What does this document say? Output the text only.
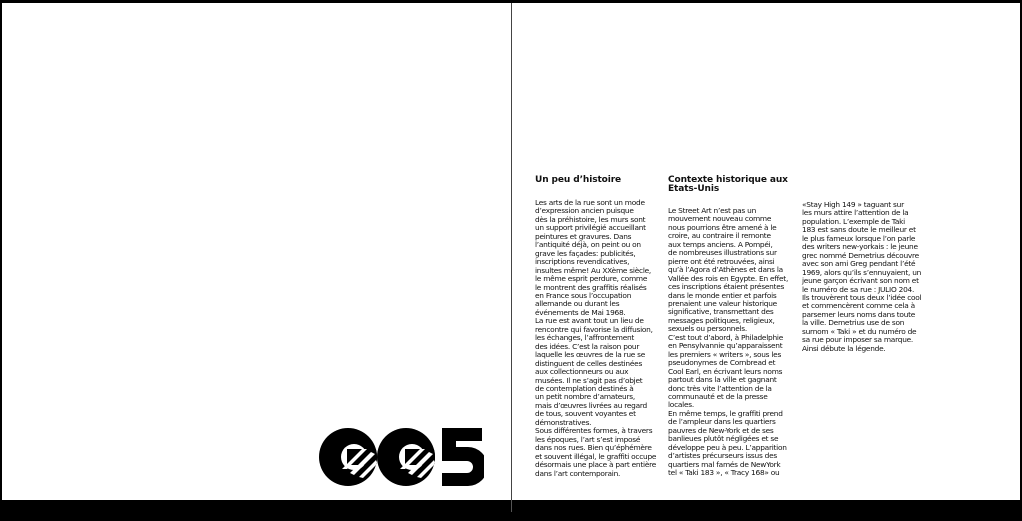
Un peu d’histoire

Les arts de la rue sont un mode
d’expression ancien puisque
dès la préhistoire, les murs sont
un support privilégié accueillant
peintures et gravures. Dans
l’antiquité déjà, on peint ou on
grave les façades: publicités,
inscriptions revendicatives,
insultes même! Au XXème siècle,
le même esprit perdure, comme
le montrent des graffitis réalisés
en France sous l’occupation
allemande ou durant les
événements de Mai 1968.
La rue est avant tout un lieu de
rencontre qui favorise la diffusion,
les échanges, l’affrontement
des idées. C’est la raison pour
laquelle les œuvres de la rue se
distinguent de celles destinées
aux collectionneurs ou aux
musées. Il ne s’agit pas d’objet
de contemplation destinés à
un petit nombre d’amateurs,
mais d’œuvres livrées au regard
de tous, souvent voyantes et
démonstratives.
Sous différentes formes, à travers
les époques, l’art s’est imposé
dans nos rues. Bien qu’éphémère
et souvent illégal, le graffiti occupe
désormais une place à part entière
dans l’art contemporain.

Contexte historique aux
Etats-Unis

Le Street Art n’est pas un
mouvement nouveau comme
nous pourrions être amené à le
croire, au contraire il remonte
aux temps anciens. A Pompéi,
de nombreuses illustrations sur
pierre ont été retrouvées, ainsi
qu’à l’Agora d’Athènes et dans la
Vallée des rois en Egypte. En effet,
ces inscriptions étaient présentes
dans le monde entier et parfois
prenaient une valeur historique
significative, transmettant des
messages politiques, religieux,
sexuels ou personnels.
C’est tout d’abord, à Philadelphie
en Pensylvannie qu’apparaissent
les premiers « writers », sous les
pseudonymes de Cornbread et
Cool Earl, en écrivant leurs noms
partout dans la ville et gagnant
donc très vite l’attention de la
communauté et de la presse
locales.
En même temps, le graffiti prend
de l’ampleur dans les quartiers
pauvres de New-York et de ses
banlieues plutôt négligées et se
développe peu à peu. L’apparition
d’artistes précurseurs issus des
quartiers mal famés de NewYork
tel « Taki 183 », « Tracy 168» ou

«Stay High 149 » taguant sur
les murs attire l’attention de la
population. L’exemple de Taki
183 est sans doute le meilleur et
le plus fameux lorsque l’on parle
des writers new-yorkais : le jeune
grec nommé Demetrius découvre
avec son ami Greg pendant l’été
1969, alors qu’ils s’ennuyaient, un
jeune garçon écrivant son nom et
le numéro de sa rue : JULIO 204.
Ils trouvèrent tous deux l’idée cool
et commencèrent comme cela à
parsemer leurs noms dans toute
la ville. Demetrius use de son
surnom « Taki » et du numéro de
sa rue pour imposer sa marque.
Ainsi débute la légende.
